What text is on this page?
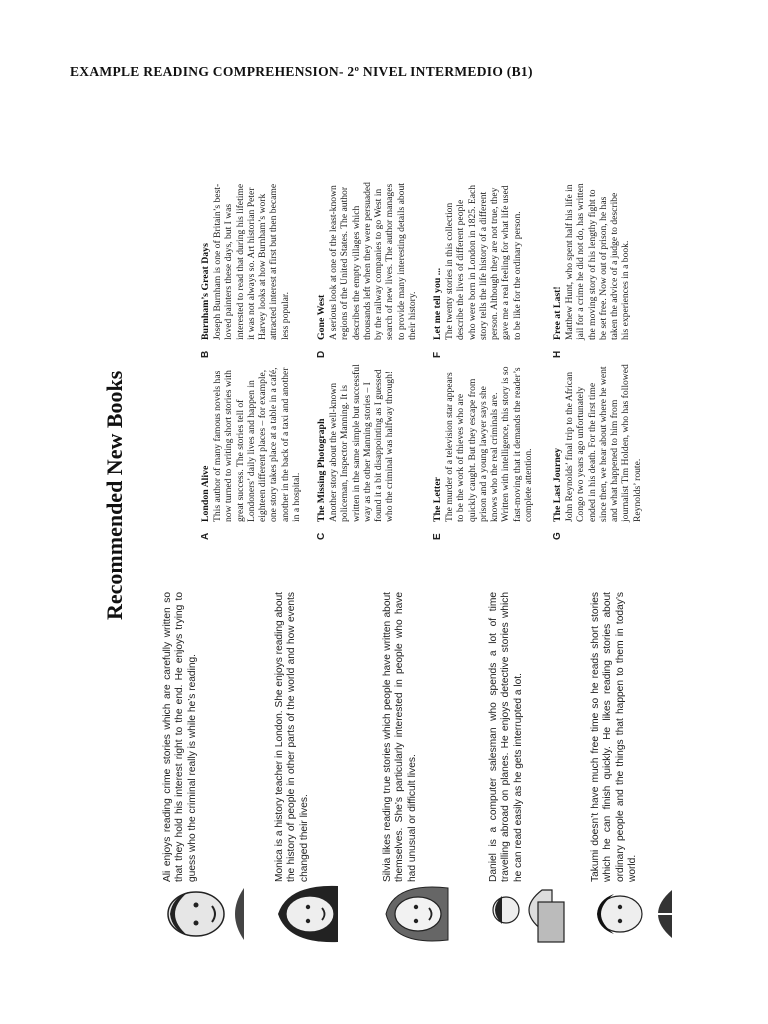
EXAMPLE READING COMPREHENSION- 2º NIVEL INTERMEDIO (B1)
Ali enjoys reading crime stories which are carefully written so that they hold his interest right to the end. He enjoys trying to guess who the criminal really is while he’s reading.	Monica is a history teacher in London. She enjoys reading about the history of people in other parts of the world and how events changed their lives.	Silvia likes reading true stories which people have written about themselves. She’s particularly interested in people who have had unusual or difficult lives.	Daniel is a computer salesman who spends a lot of time travelling abroad on planes. He enjoys detective stories which he can read easily as he gets interrupted a lot.	Takumi doesn’t have much free time so he reads short stories which he can finish quickly. He likes reading stories about ordinary people and the things that happen to them in today’s world.
Recommended New Books	A
London Alive This author of many famous novels has now turned to writing short stories with great success. The stories tell of Londoners’ daily lives and happen in eighteen different places – for example, one story takes place at a table in a café, another in the back of a taxi and another in a hospital.
B
Burnham’s Great Days Joseph Burnham is one of Britain’s best-loved painters these days, but I was interested to read that during his lifetime it was not always so. Art historian Peter Harvey looks at how Burnham’s work attracted interest at first but then became less popular.
C
The Missing Photograph Another story about the well-known policeman, Inspector Manning. It is written in the same simple but successful way as the other Manning stories – I found it a bit disappointing as I guessed who the criminal was halfway through!
D
Gone West A serious look at one of the least-known regions of the United States. The author describes the empty villages which thousands left when they were persuaded by the railway companies to go West in search of new lives. The author manages to provide many interesting details about their history.
E
The Letter The murder of a television star appears to be the work of thieves who are quickly caught. But they escape from prison and a young lawyer says she knows who the real criminals are. Written with intelligence, this story is so fast-moving that it demands the reader’s complete attention.
F
Let me tell you ... The twenty stories in this collection describe the lives of different people who were born in London in 1825. Each story tells the life history of a different person. Although they are not true, they gave me a real feeling for what life used to be like for the ordinary person.
G
The Last Journey John Reynolds’ final trip to the African Congo two years ago unfortunately ended in his death. For the first time since then, we hear about where he went and what happened to him from journalist Tim Holden, who has followed Reynolds’ route.
H
Free at Last! Matthew Hunt, who spent half his life in jail for a crime he did not do, has written the moving story of his lengthy fight to be set free. Now out of prison, he has taken the advice of a judge to describe his experiences in a book.
